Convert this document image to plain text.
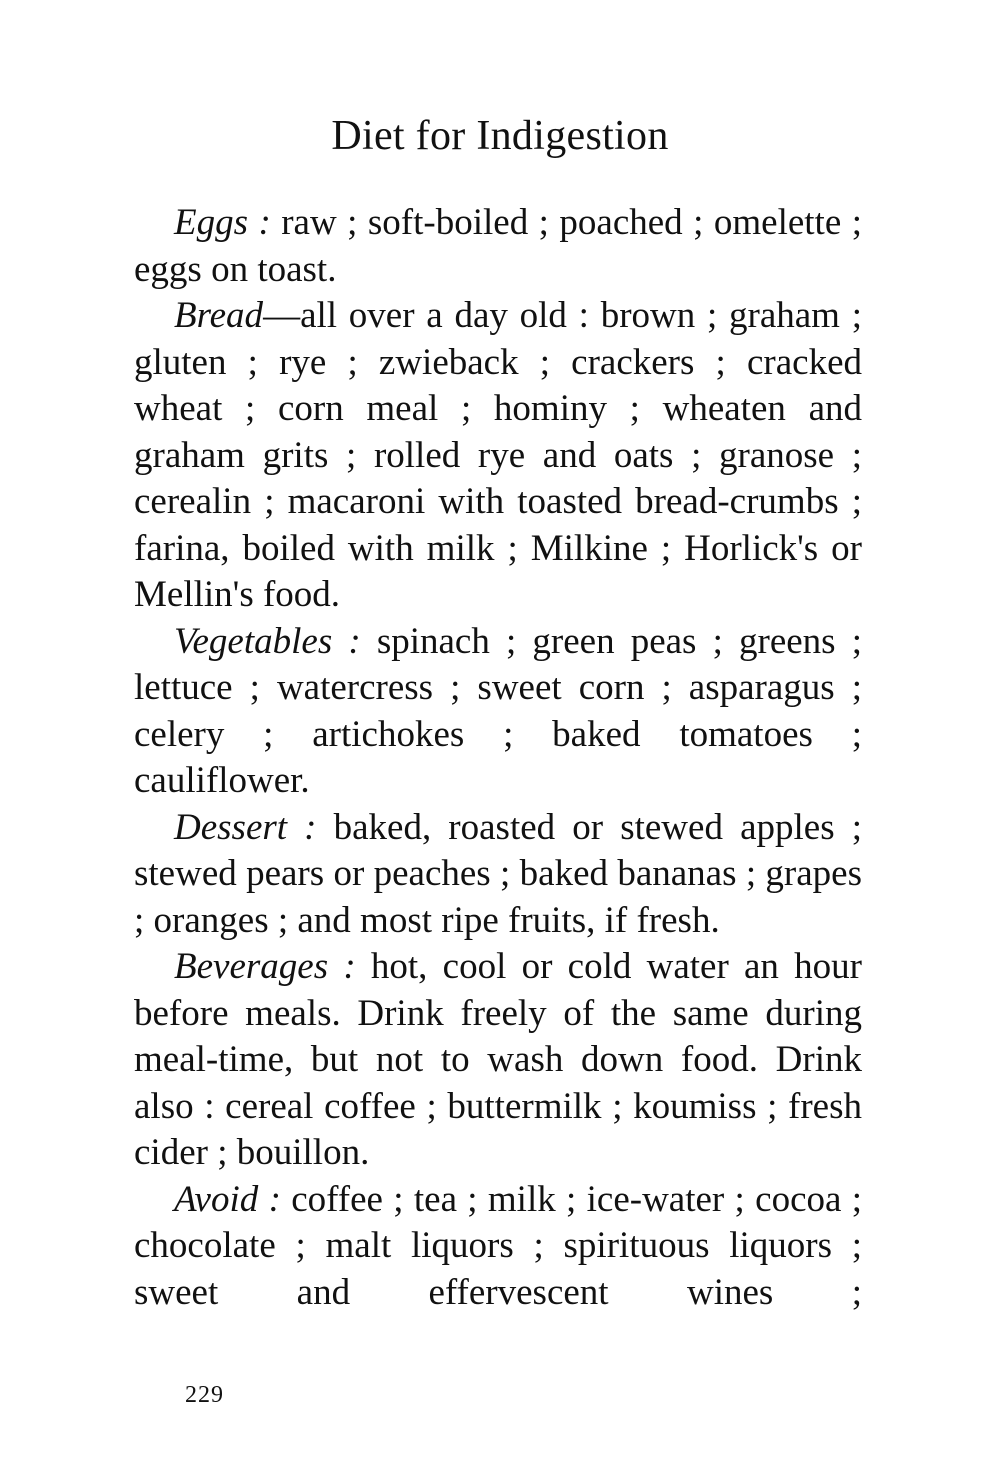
Diet for Indigestion

Eggs : raw ; soft-boiled ; poached ; omelette ; eggs on toast.

Bread—all over a day old : brown ; graham ; gluten ; rye ; zwieback ; crackers ; cracked wheat ; corn meal ; hominy ; wheaten and graham grits ; rolled rye and oats ; granose ; cerealin ; macaroni with toasted bread-crumbs ; farina, boiled with milk ; Milkine ; Horlick's or Mellin's food.

Vegetables : spinach ; green peas ; greens ; lettuce ; watercress ; sweet corn ; asparagus ; celery ; artichokes ; baked tomatoes ; cauliflower.

Dessert : baked, roasted or stewed apples ; stewed pears or peaches ; baked bananas ; grapes ; oranges ; and most ripe fruits, if fresh.

Beverages : hot, cool or cold water an hour before meals. Drink freely of the same during meal-time, but not to wash down food. Drink also : cereal coffee ; buttermilk ; koumiss ; fresh cider ; bouillon.

Avoid : coffee ; tea ; milk ; ice-water ; cocoa ; chocolate ; malt liquors ; spirituous liquors ; sweet and effervescent wines ;

229
